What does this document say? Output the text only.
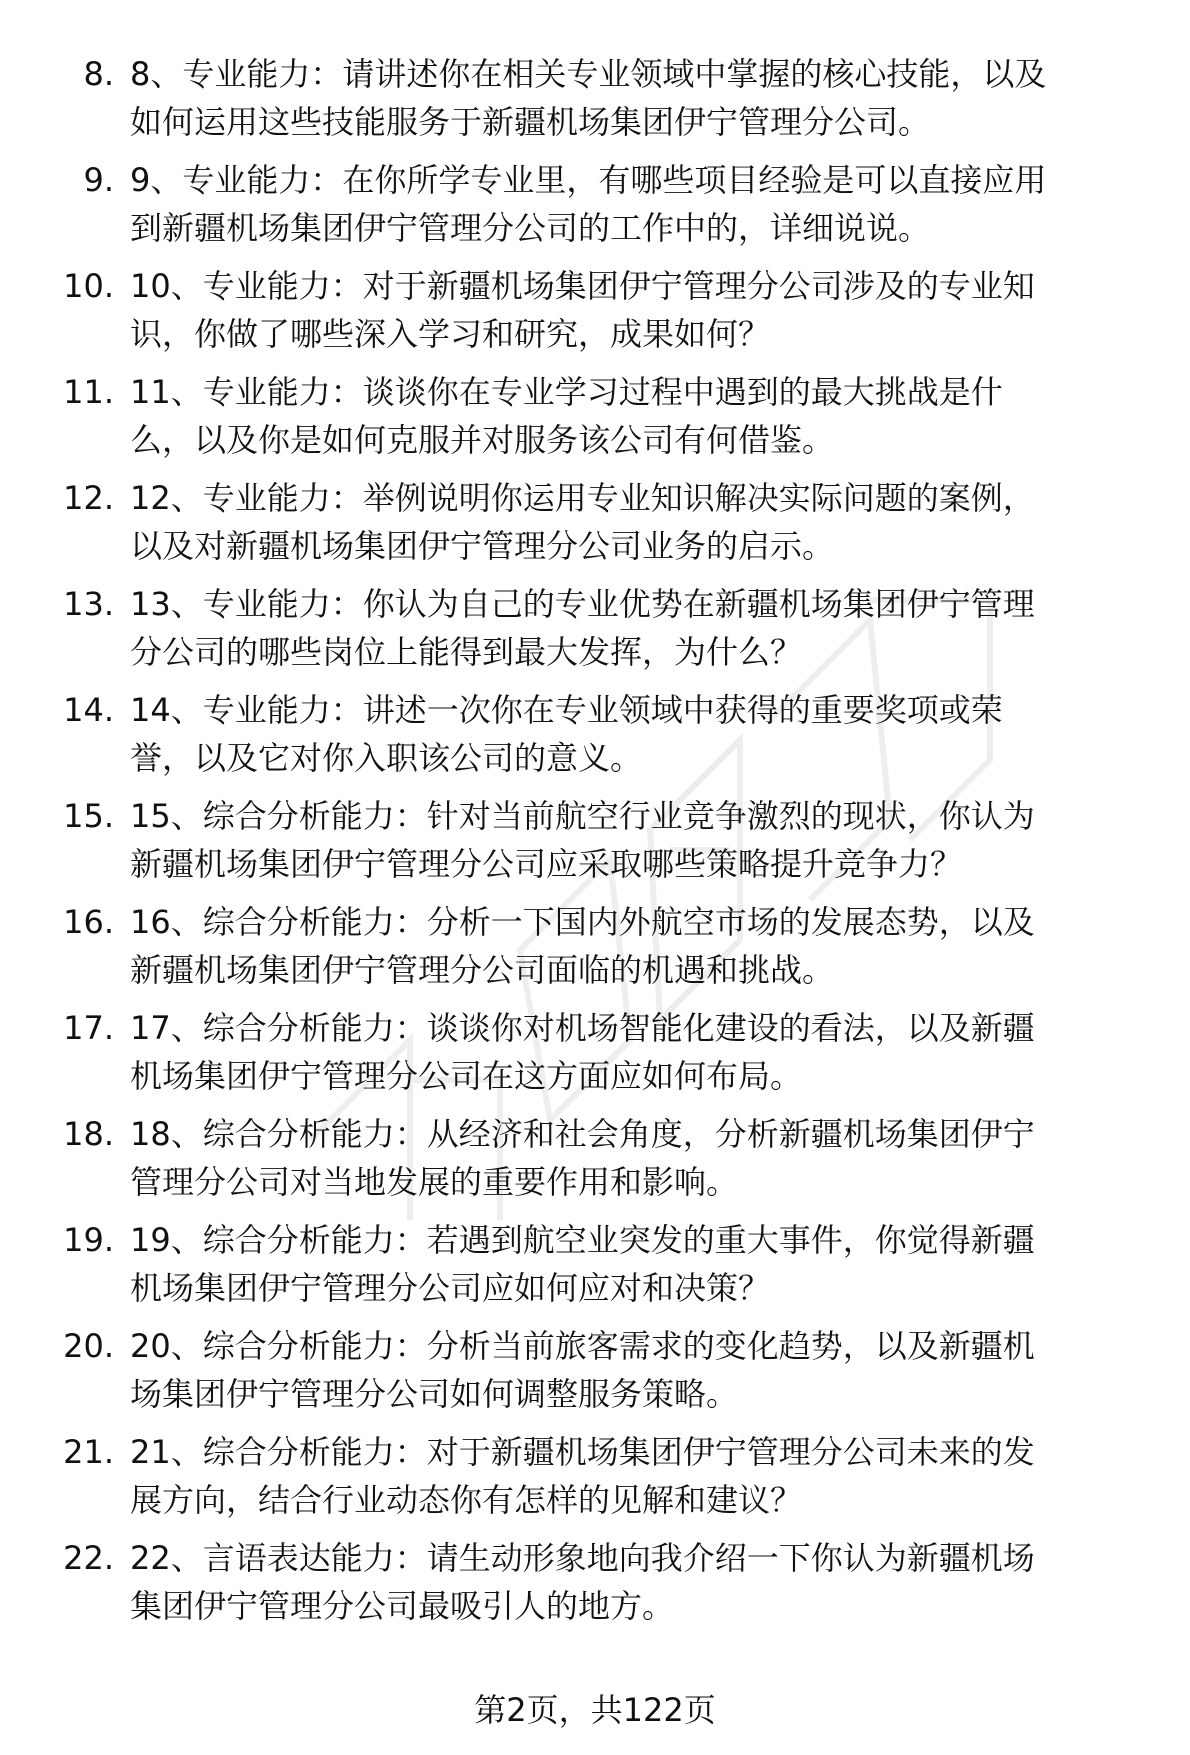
8. 8、专业能力：请讲述你在相关专业领域中掌握的核心技能，以及
如何运用这些技能服务于新疆机场集团伊宁管理分公司。
9. 9、专业能力：在你所学专业里，有哪些项目经验是可以直接应用
到新疆机场集团伊宁管理分公司的工作中的，详细说说。
10. 10、专业能力：对于新疆机场集团伊宁管理分公司涉及的专业知
识，你做了哪些深入学习和研究，成果如何？
11. 11、专业能力：谈谈你在专业学习过程中遇到的最大挑战是什
么，以及你是如何克服并对服务该公司有何借鉴。
12. 12、专业能力：举例说明你运用专业知识解决实际问题的案例，
以及对新疆机场集团伊宁管理分公司业务的启示。
13. 13、专业能力：你认为自己的专业优势在新疆机场集团伊宁管理
分公司的哪些岗位上能得到最大发挥，为什么？
14. 14、专业能力：讲述一次你在专业领域中获得的重要奖项或荣
誉，以及它对你入职该公司的意义。
15. 15、综合分析能力：针对当前航空行业竞争激烈的现状，你认为
新疆机场集团伊宁管理分公司应采取哪些策略提升竞争力？
16. 16、综合分析能力：分析一下国内外航空市场的发展态势，以及
新疆机场集团伊宁管理分公司面临的机遇和挑战。
17. 17、综合分析能力：谈谈你对机场智能化建设的看法，以及新疆
机场集团伊宁管理分公司在这方面应如何布局。
18. 18、综合分析能力：从经济和社会角度，分析新疆机场集团伊宁
管理分公司对当地发展的重要作用和影响。
19. 19、综合分析能力：若遇到航空业突发的重大事件，你觉得新疆
机场集团伊宁管理分公司应如何应对和决策？
20. 20、综合分析能力：分析当前旅客需求的变化趋势，以及新疆机
场集团伊宁管理分公司如何调整服务策略。
21. 21、综合分析能力：对于新疆机场集团伊宁管理分公司未来的发
展方向，结合行业动态你有怎样的见解和建议？
22. 22、言语表达能力：请生动形象地向我介绍一下你认为新疆机场
集团伊宁管理分公司最吸引人的地方。
第2页，共122页
